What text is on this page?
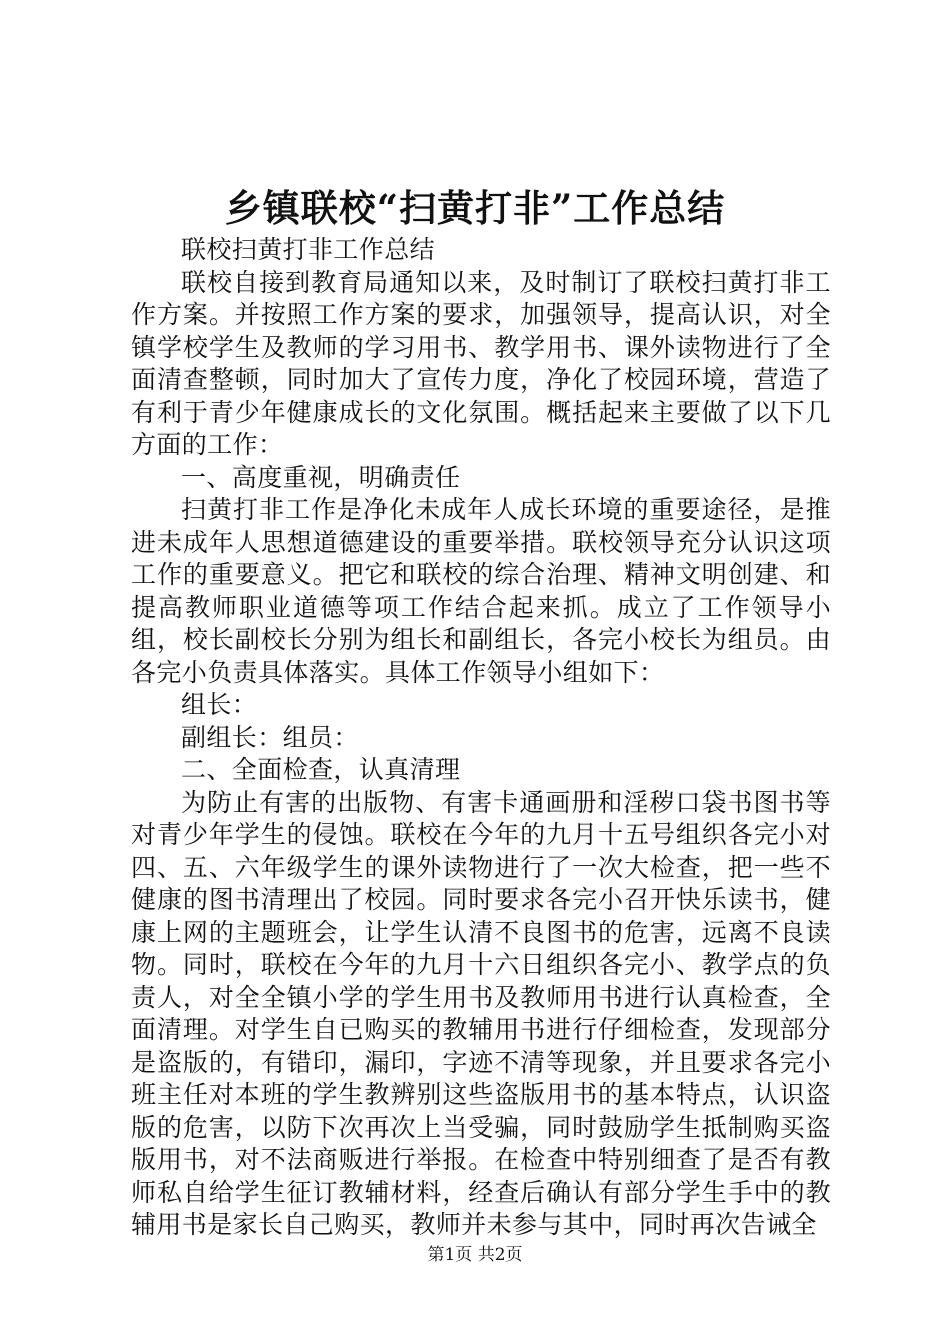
乡镇联校“扫黄打非”工作总结

联校扫黄打非工作总结

联校自接到教育局通知以来，及时制订了联校扫黄打非工作方案。并按照工作方案的要求，加强领导，提高认识，对全镇学校学生及教师的学习用书、教学用书、课外读物进行了全面清查整顿，同时加大了宣传力度，净化了校园环境，营造了有利于青少年健康成长的文化氛围。概括起来主要做了以下几方面的工作：

一、高度重视，明确责任

扫黄打非工作是净化未成年人成长环境的重要途径，是推进未成年人思想道德建设的重要举措。联校领导充分认识这项工作的重要意义。把它和联校的综合治理、精神文明创建、和提高教师职业道德等项工作结合起来抓。成立了工作领导小组，校长副校长分别为组长和副组长，各完小校长为组员。由各完小负责具体落实。具体工作领导小组如下：

组长：

副组长：组员：

二、全面检查，认真清理

为防止有害的出版物、有害卡通画册和淫秽口袋书图书等对青少年学生的侵蚀。联校在今年的九月十五号组织各完小对四、五、六年级学生的课外读物进行了一次大检查，把一些不健康的图书清理出了校园。同时要求各完小召开快乐读书，健康上网的主题班会，让学生认清不良图书的危害，远离不良读物。同时，联校在今年的九月十六日组织各完小、教学点的负责人，对全全镇小学的学生用书及教师用书进行认真检查，全面清理。对学生自已购买的教辅用书进行仔细检查，发现部分是盗版的，有错印，漏印，字迹不清等现象，并且要求各完小班主任对本班的学生教辨别这些盗版用书的基本特点，认识盗版的危害，以防下次再次上当受骗，同时鼓励学生抵制购买盗版用书，对不法商贩进行举报。在检查中特别细查了是否有教师私自给学生征订教辅材料，经查后确认有部分学生手中的教辅用书是家长自己购买，教师并未参与其中，同时再次告诫全

第1页 共2页
